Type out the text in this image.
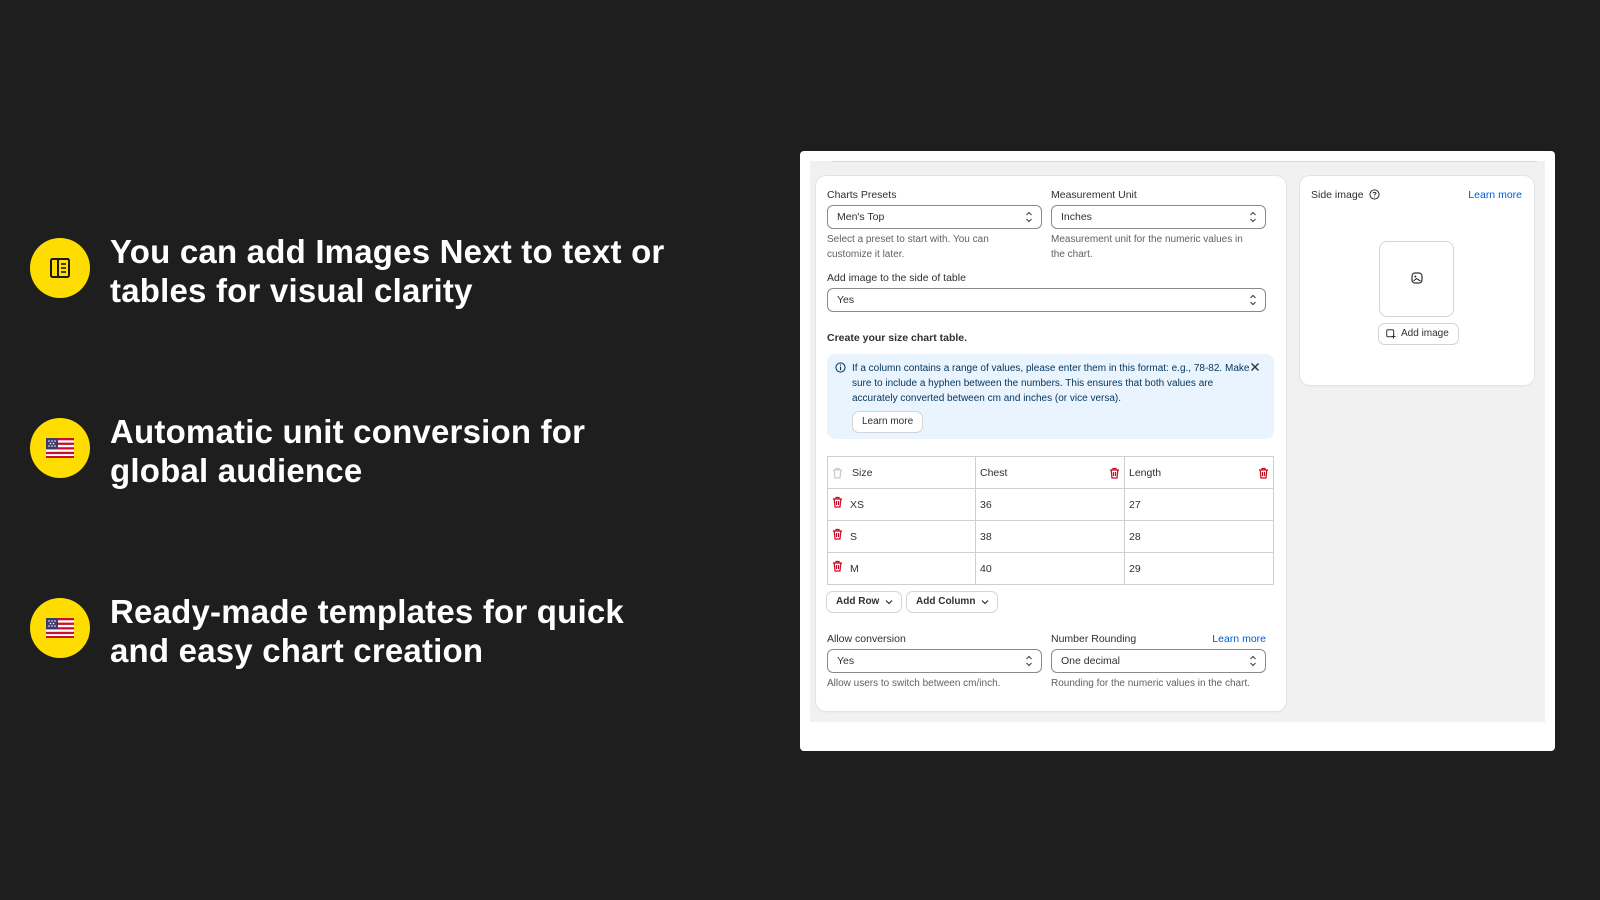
You can add Images Next to text or tables for visual clarity
Automatic unit conversion for global audience
Ready-made templates for quick and easy chart creation
Charts Presets
Men's Top
Select a preset to start with. You can customize it later.
Measurement Unit
Inches
Measurement unit for the numeric values in the chart.
Add image to the side of table
Yes
Create your size chart table.
If a column contains a range of values, please enter them in this format: e.g., 78-82. Make sure to include a hyphen between the numbers. This ensures that both values are accurately converted between cm and inches (or vice versa).
Learn more
Size	Chest	Length

XS	36	27

S	38	28

M	40	29
Add Row	Add Column
Allow conversion
Yes
Allow users to switch between cm/inch.
Number Rounding	Learn more
One decimal
Rounding for the numeric values in the chart.
Side image	Learn more
Add image
